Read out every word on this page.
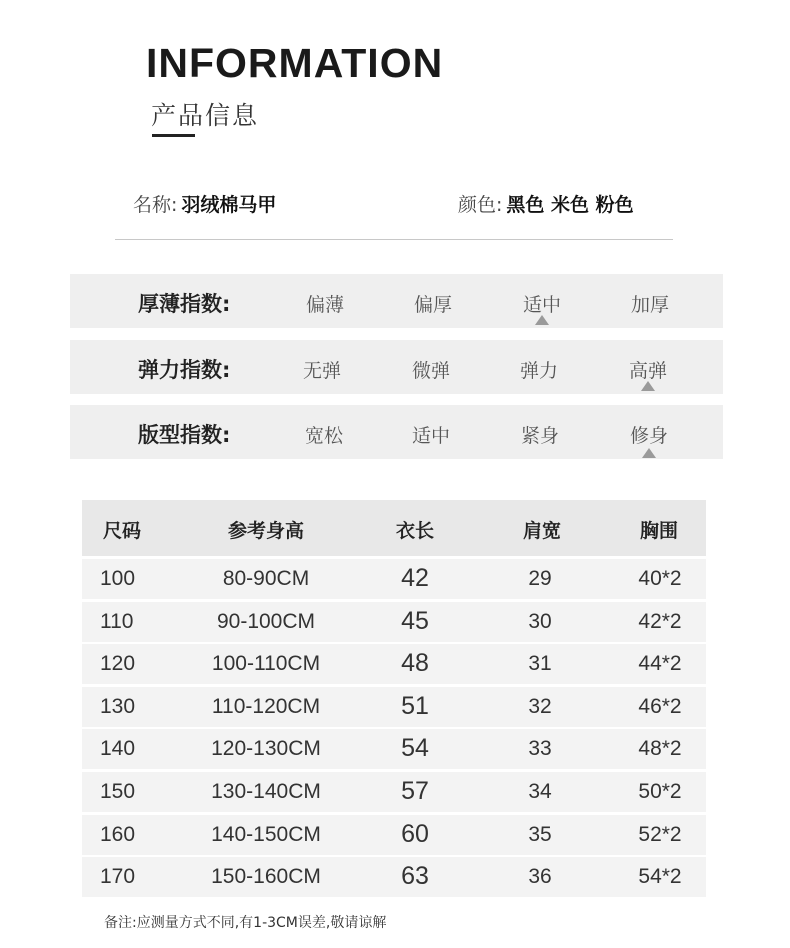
INFORMATION
产品信息
名称: 羽绒棉马甲	颜色: 黑色 米色 粉色
厚薄指数:	偏薄	偏厚	适中	加厚
弹力指数:	无弹	微弹	弹力	高弹
版型指数:	宽松	适中	紧身	修身
尺码	参考身高	衣长	肩宽	胸围
100	80-90CM	42	29	40*2
110	90-100CM	45	30	42*2
120	100-110CM	48	31	44*2
130	110-120CM	51	32	46*2
140	120-130CM	54	33	48*2
150	130-140CM	57	34	50*2
160	140-150CM	60	35	52*2
170	150-160CM	63	36	54*2
备注:应测量方式不同,有1-3CM误差,敬请谅解
